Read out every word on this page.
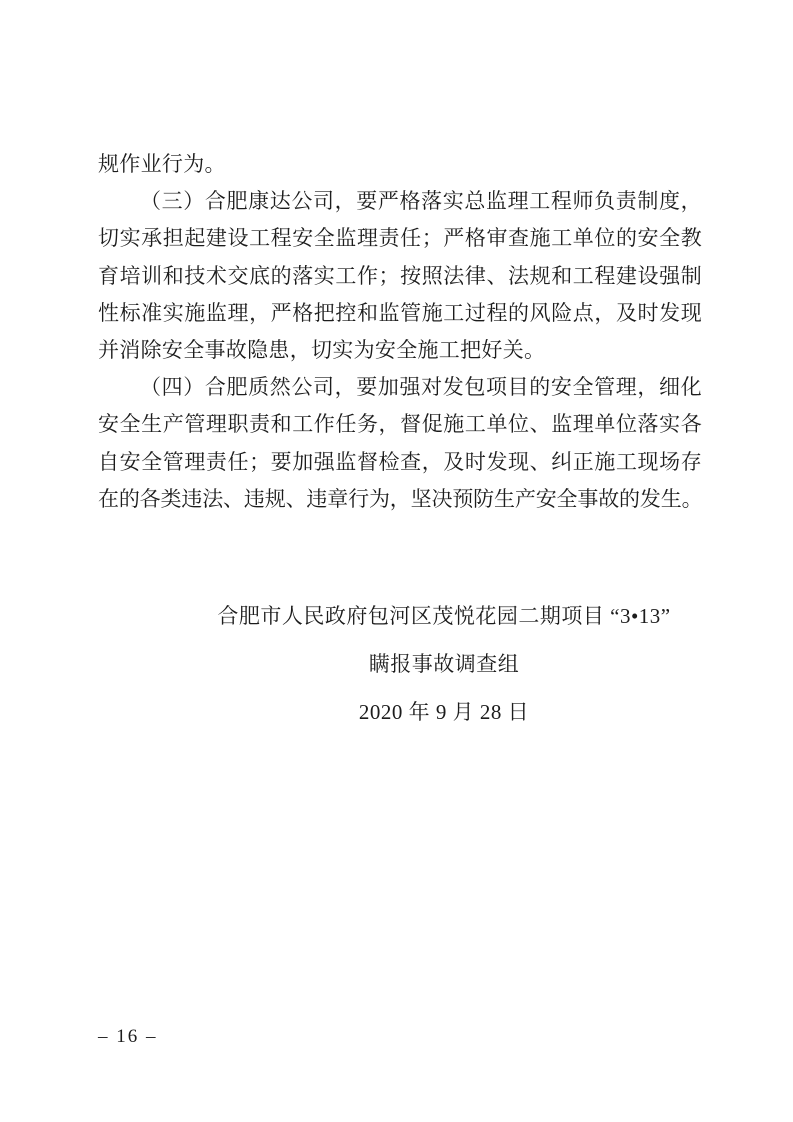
规作业行为。
（三）合肥康达公司，要严格落实总监理工程师负责制度，
切实承担起建设工程安全监理责任；严格审查施工单位的安全教
育培训和技术交底的落实工作；按照法律、法规和工程建设强制
性标准实施监理，严格把控和监管施工过程的风险点，及时发现
并消除安全事故隐患，切实为安全施工把好关。
（四）合肥质然公司，要加强对发包项目的安全管理，细化
安全生产管理职责和工作任务，督促施工单位、监理单位落实各
自安全管理责任；要加强监督检查，及时发现、纠正施工现场存
在的各类违法、违规、违章行为，坚决预防生产安全事故的发生。
合肥市人民政府包河区茂悦花园二期项目 “3•13”
瞒报事故调查组
2020 年 9 月 28 日
– 16 –
